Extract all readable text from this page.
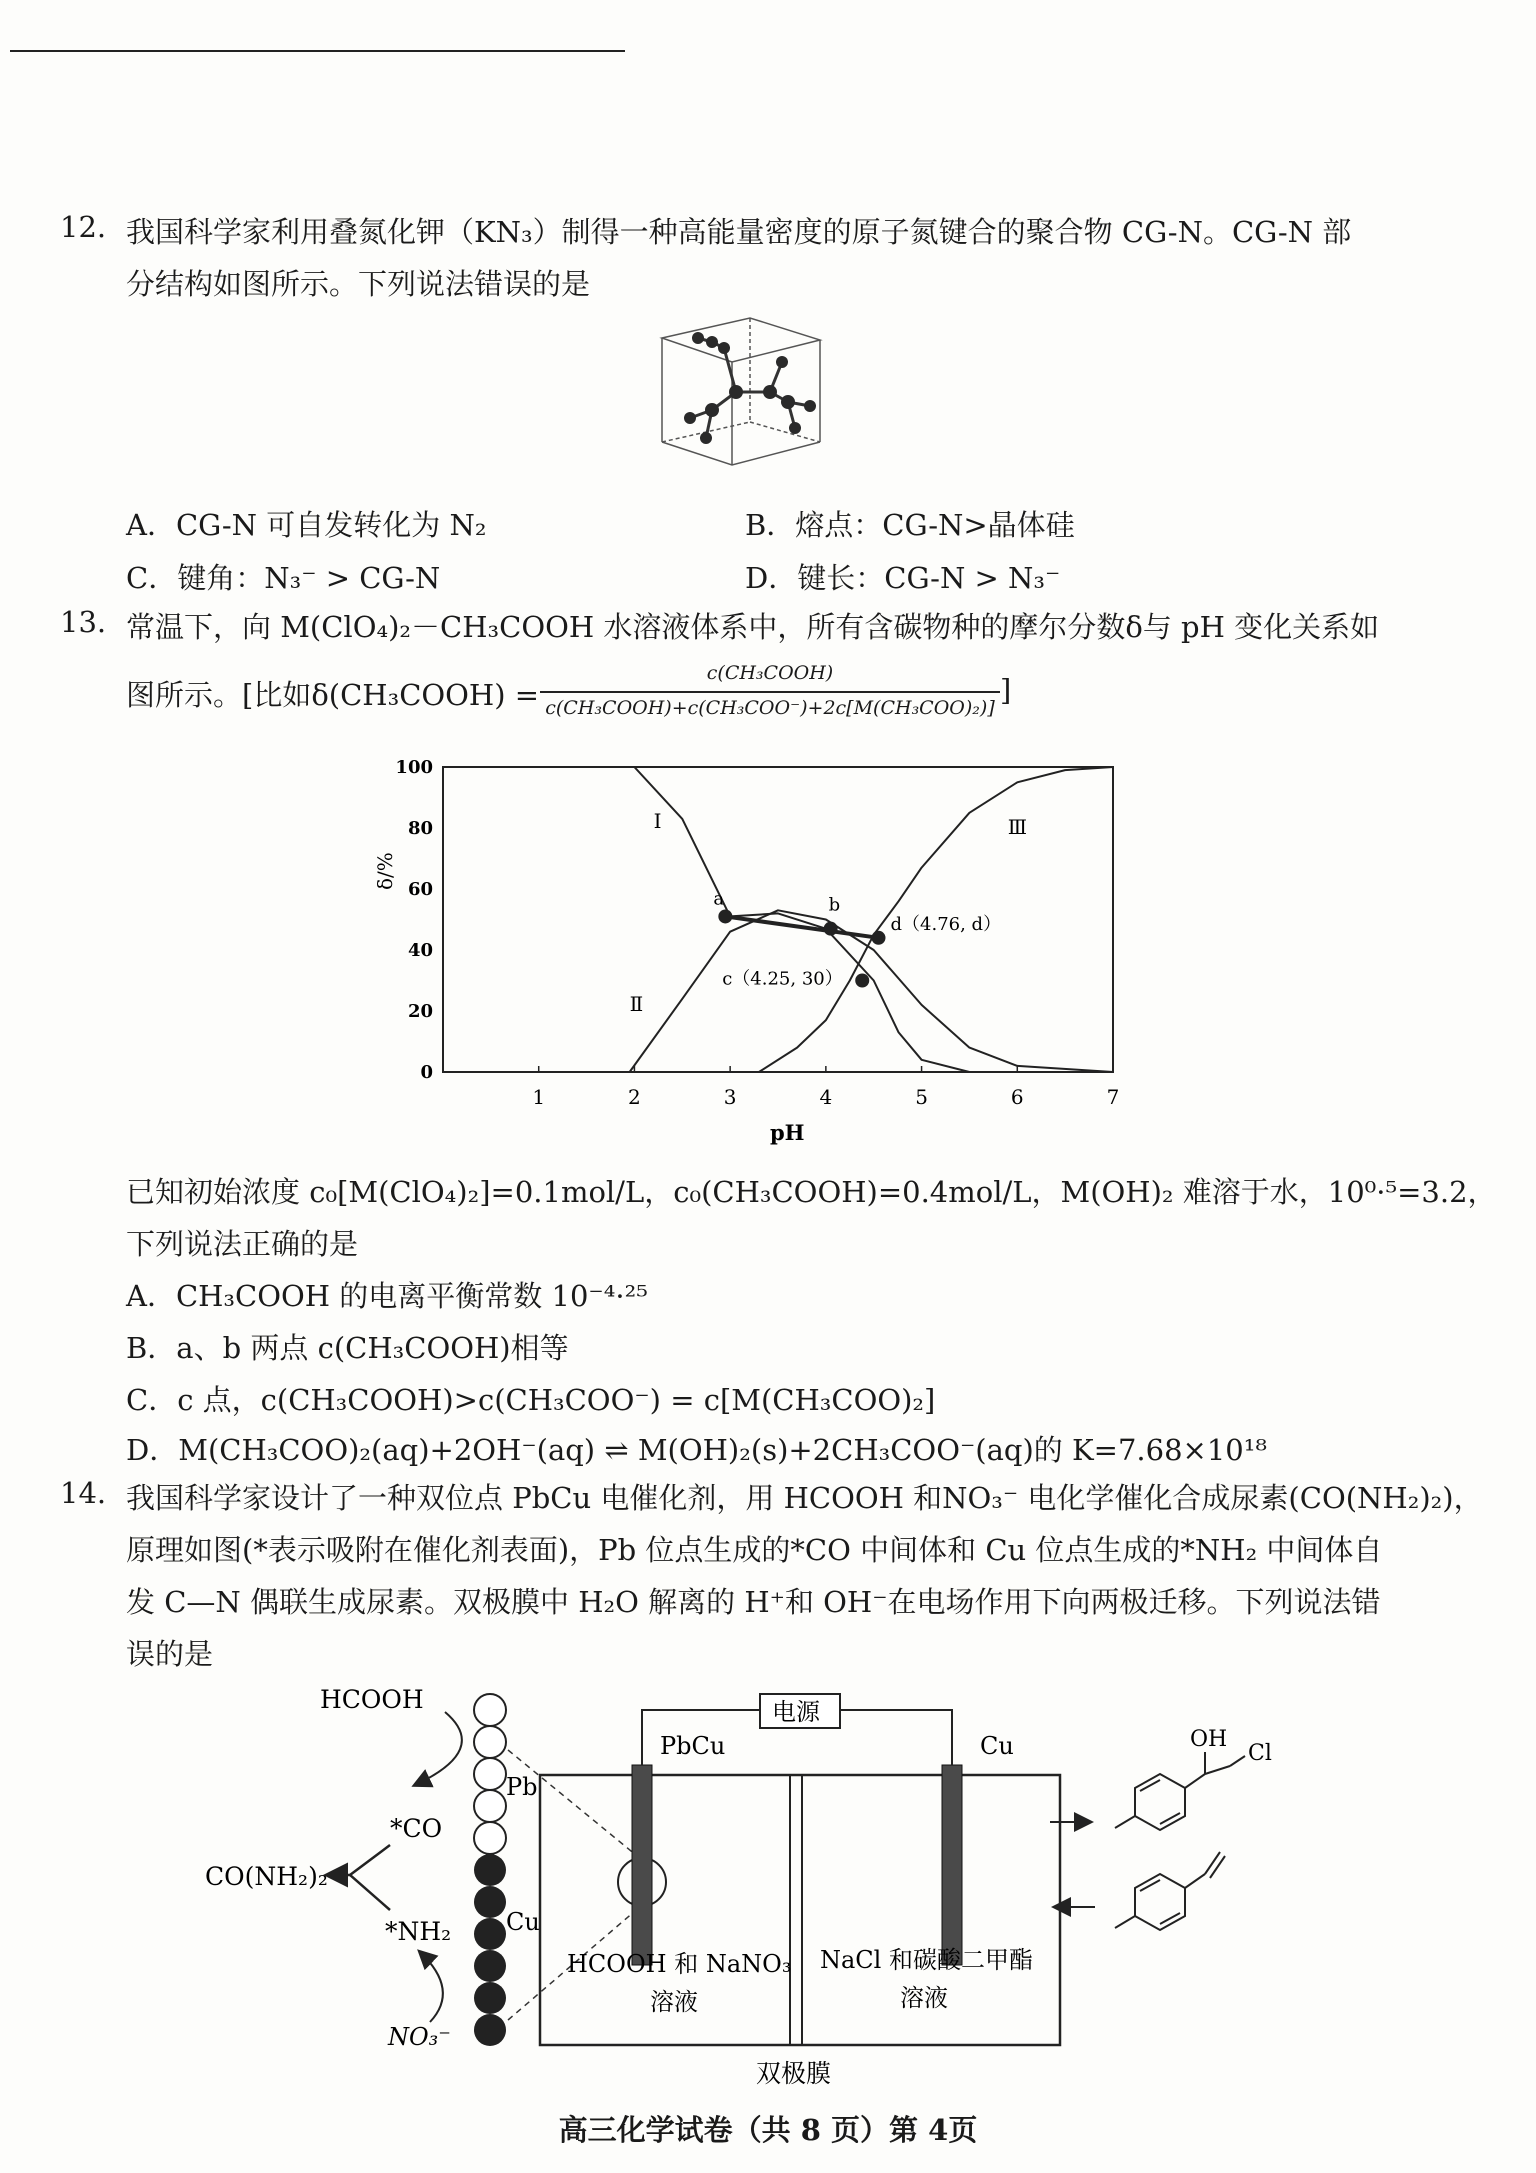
12. 我国科学家利用叠氮化钾（KN₃）制得一种高能量密度的原子氮键合的聚合物 CG-N。CG-N 部
分结构如图所示。下列说法错误的是
A．CG-N 可自发转化为 N₂	B．熔点：CG-N>晶体硅
C．键角：N₃⁻ > CG-N	D．键长：CG-N > N₃⁻
13. 常温下，向 M(ClO₄)₂－CH₃COOH 水溶液体系中，所有含碳物种的摩尔分数δ与 pH 变化关系如
图所示。[比如δ(CH₃COOH) =
c(CH₃COOH)
c(CH₃COOH)+c(CH₃COO⁻)+2c[M(CH₃COO)₂)]
]
0
20
40
60
80
100
1	2	3	4	5	6	7
Ⅰ
Ⅱ
Ⅲ
a	b
c（4.25, 30）
d（4.76, d）
δ/%
pH
已知初始浓度 c₀[M(ClO₄)₂]=0.1mol/L，c₀(CH₃COOH)=0.4mol/L，M(OH)₂ 难溶于水，10⁰·⁵=3.2，
下列说法正确的是
A．CH₃COOH 的电离平衡常数 10⁻⁴·²⁵
B．a、b 两点 c(CH₃COOH)相等
C．c 点，c(CH₃COOH)>c(CH₃COO⁻) = c[M(CH₃COO)₂]
D．M(CH₃COO)₂(aq)+2OH⁻(aq) ⇌ M(OH)₂(s)+2CH₃COO⁻(aq)的 K=7.68×10¹⁸
14. 我国科学家设计了一种双位点 PbCu 电催化剂，用 HCOOH 和NO₃⁻ 电化学催化合成尿素(CO(NH₂)₂)，
原理如图(*表示吸附在催化剂表面)，Pb 位点生成的*CO 中间体和 Cu 位点生成的*NH₂ 中间体自
发 C—N 偶联生成尿素。双极膜中 H₂O 解离的 H⁺和 OH⁻在电场作用下向两极迁移。下列说法错
误的是
HCOOH
Pb
*CO
CO(NH₂)₂
Cu
*NH₂
NO₃⁻
电源
PbCu	Cu
HCOOH 和 NaNO₃
溶液
NaCl 和碳酸二甲酯
溶液
双极膜
OH
Cl
高三化学试卷（共 8 页）第 4页
